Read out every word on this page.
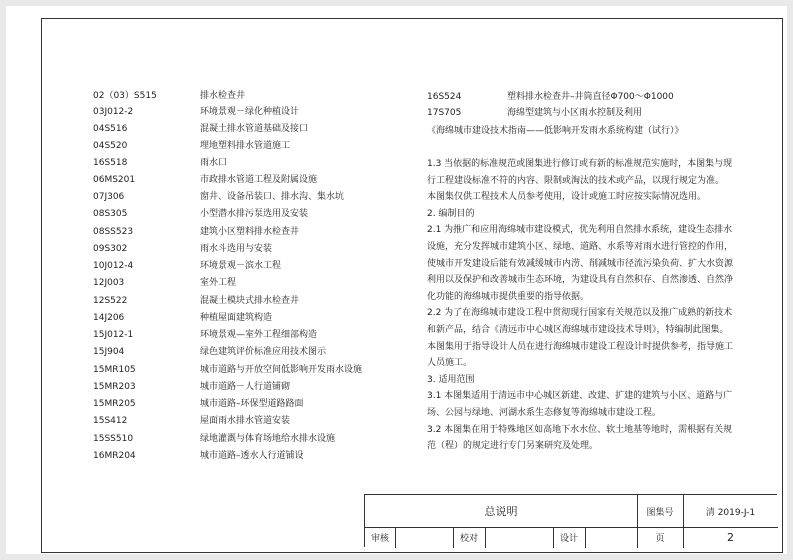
02（03）S515	排水检查井
03J012-2	环境景观－绿化种植设计
04S516	混凝土排水管道基础及接口
04S520	埋地塑料排水管道施工
16S518	雨水口
06MS201	市政排水管道工程及附属设施
07J306	窗井、设备吊装口、排水沟、集水坑
08S305	小型潜水排污泵选用及安装
08SS523	建筑小区塑料排水检查井
09S302	雨水斗选用与安装
10J012-4	环境景观－滨水工程
12J003	室外工程
12S522	混凝土模块式排水检查井
14J206	种植屋面建筑构造
15J012-1	环境景观—室外工程细部构造
15J904	绿色建筑评价标准应用技术图示
15MR105	城市道路与开放空间低影响开发雨水设施
15MR203	城市道路－人行道铺砌
15MR205	城市道路–环保型道路路面
15S412	屋面雨水排水管道安装
15SS510	绿地灌溉与体育场地给水排水设施
16MR204	城市道路–透水人行道铺设
16S524	塑料排水检查井–井筒直径Φ700～Φ1000
17S705	海绵型建筑与小区雨水控制及利用
《海绵城市建设技术指南——低影响开发雨水系统构建（试行）》
1.3 当依据的标准规范或图集进行修订或有新的标准规范实施时，本图集与现
行工程建设标准不符的内容、限制或淘汰的技术或产品，以现行规定为准。
本图集仅供工程技术人员参考使用，设计或施工时应按实际情况选用。
2. 编制目的
2.1 为推广和应用海绵城市建设模式，优先利用自然排水系统，建设生态排水
设施，充分发挥城市建筑小区、绿地、道路、水系等对雨水进行管控的作用，
使城市开发建设后能有效减缓城市内涝、削减城市径流污染负荷、扩大水资源
利用以及保护和改善城市生态环境，为建设具有自然积存、自然渗透、自然净
化功能的海绵城市提供重要的指导依据。
2.2 为了在海绵城市建设工程中贯彻现行国家有关规范以及推广成熟的新技术
和新产品，结合《清远市中心城区海绵城市建设技术导则》，特编制此图集。
本图集用于指导设计人员在进行海绵城市建设工程设计时提供参考，指导施工
人员施工。
3. 适用范围
3.1 本图集适用于清远市中心城区新建、改建、扩建的建筑与小区、道路与广
场、公园与绿地、河湖水系生态修复等海绵城市建设工程。
3.2 本图集在用于特殊地区如高地下水水位、软土地基等地时，需根据有关规
范（程）的规定进行专门另案研究及处理。
总说明	图集号	清 2019-J-1
审核	校对	设计	页	2
